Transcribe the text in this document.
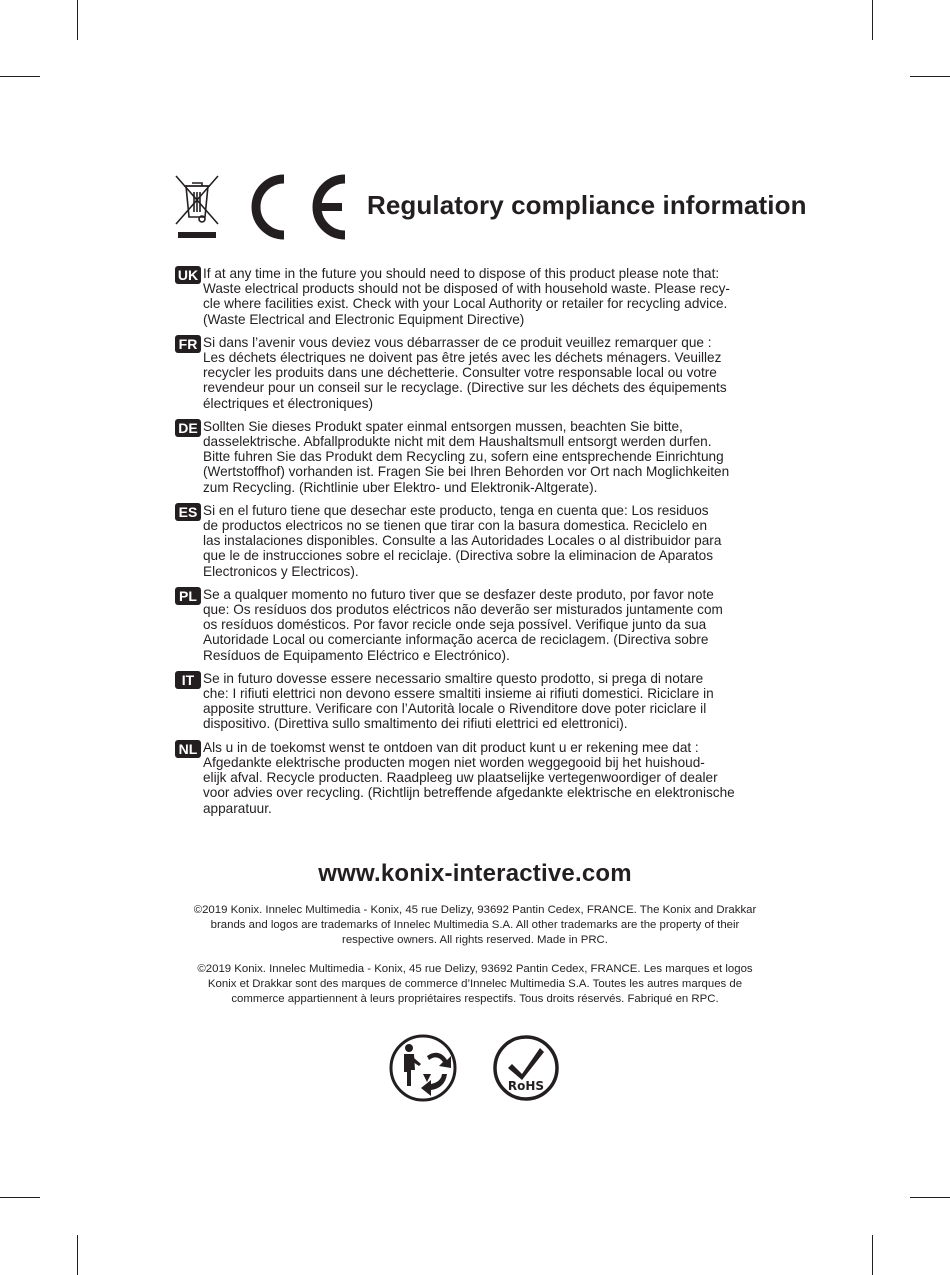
Regulatory compliance information
UK If at any time in the future you should need to dispose of this product please note that:
Waste electrical products should not be disposed of with household waste. Please recy-
cle where facilities exist. Check with your Local Authority or retailer for recycling advice.
(Waste Electrical and Electronic Equipment Directive)
FR Si dans l’avenir vous deviez vous débarrasser de ce produit veuillez remarquer que :
Les déchets électriques ne doivent pas être jetés avec les déchets ménagers. Veuillez
recycler les produits dans une déchetterie. Consulter votre responsable local ou votre
revendeur pour un conseil sur le recyclage. (Directive sur les déchets des équipements
électriques et électroniques)
DE Sollten Sie dieses Produkt spater einmal entsorgen mussen, beachten Sie bitte,
dasselektrische. Abfallprodukte nicht mit dem Haushaltsmull entsorgt werden durfen.
Bitte fuhren Sie das Produkt dem Recycling zu, sofern eine entsprechende Einrichtung
(Wertstoffhof) vorhanden ist. Fragen Sie bei Ihren Behorden vor Ort nach Moglichkeiten
zum Recycling. (Richtlinie uber Elektro- und Elektronik-Altgerate).
ES Si en el futuro tiene que desechar este producto, tenga en cuenta que: Los residuos
de productos electricos no se tienen que tirar con la basura domestica. Reciclelo en
las instalaciones disponibles. Consulte a las Autoridades Locales o al distribuidor para
que le de instrucciones sobre el reciclaje. (Directiva sobre la eliminacion de Aparatos
Electronicos y Electricos).
PL Se a qualquer momento no futuro tiver que se desfazer deste produto, por favor note
que: Os resíduos dos produtos eléctricos não deverão ser misturados juntamente com
os resíduos domésticos. Por favor recicle onde seja possível. Verifique junto da sua
Autoridade Local ou comerciante informação acerca de reciclagem. (Directiva sobre
Resíduos de Equipamento Eléctrico e Electrónico).
IT Se in futuro dovesse essere necessario smaltire questo prodotto, si prega di notare
che: I rifiuti elettrici non devono essere smaltiti insieme ai rifiuti domestici. Riciclare in
apposite strutture. Verificare con l’Autorità locale o Rivenditore dove poter riciclare il
dispositivo. (Direttiva sullo smaltimento dei rifiuti elettrici ed elettronici).
NL Als u in de toekomst wenst te ontdoen van dit product kunt u er rekening mee dat :
Afgedankte elektrische producten mogen niet worden weggegooid bij het huishoud-
elijk afval. Recycle producten. Raadpleeg uw plaatselijke vertegenwoordiger of dealer
voor advies over recycling. (Richtlijn betreffende afgedankte elektrische en elektronische
apparatuur.
www.konix-interactive.com
©2019 Konix. Innelec Multimedia - Konix, 45 rue Delizy, 93692 Pantin Cedex, FRANCE. The Konix and Drakkar
brands and logos are trademarks of Innelec Multimedia S.A. All other trademarks are the property of their
respective owners. All rights reserved. Made in PRC.
©2019 Konix. Innelec Multimedia - Konix, 45 rue Delizy, 93692 Pantin Cedex, FRANCE. Les marques et logos
Konix et Drakkar sont des marques de commerce d’Innelec Multimedia S.A. Toutes les autres marques de
commerce appartiennent à leurs propriétaires respectifs. Tous droits réservés. Fabriqué en RPC.
RoHS
